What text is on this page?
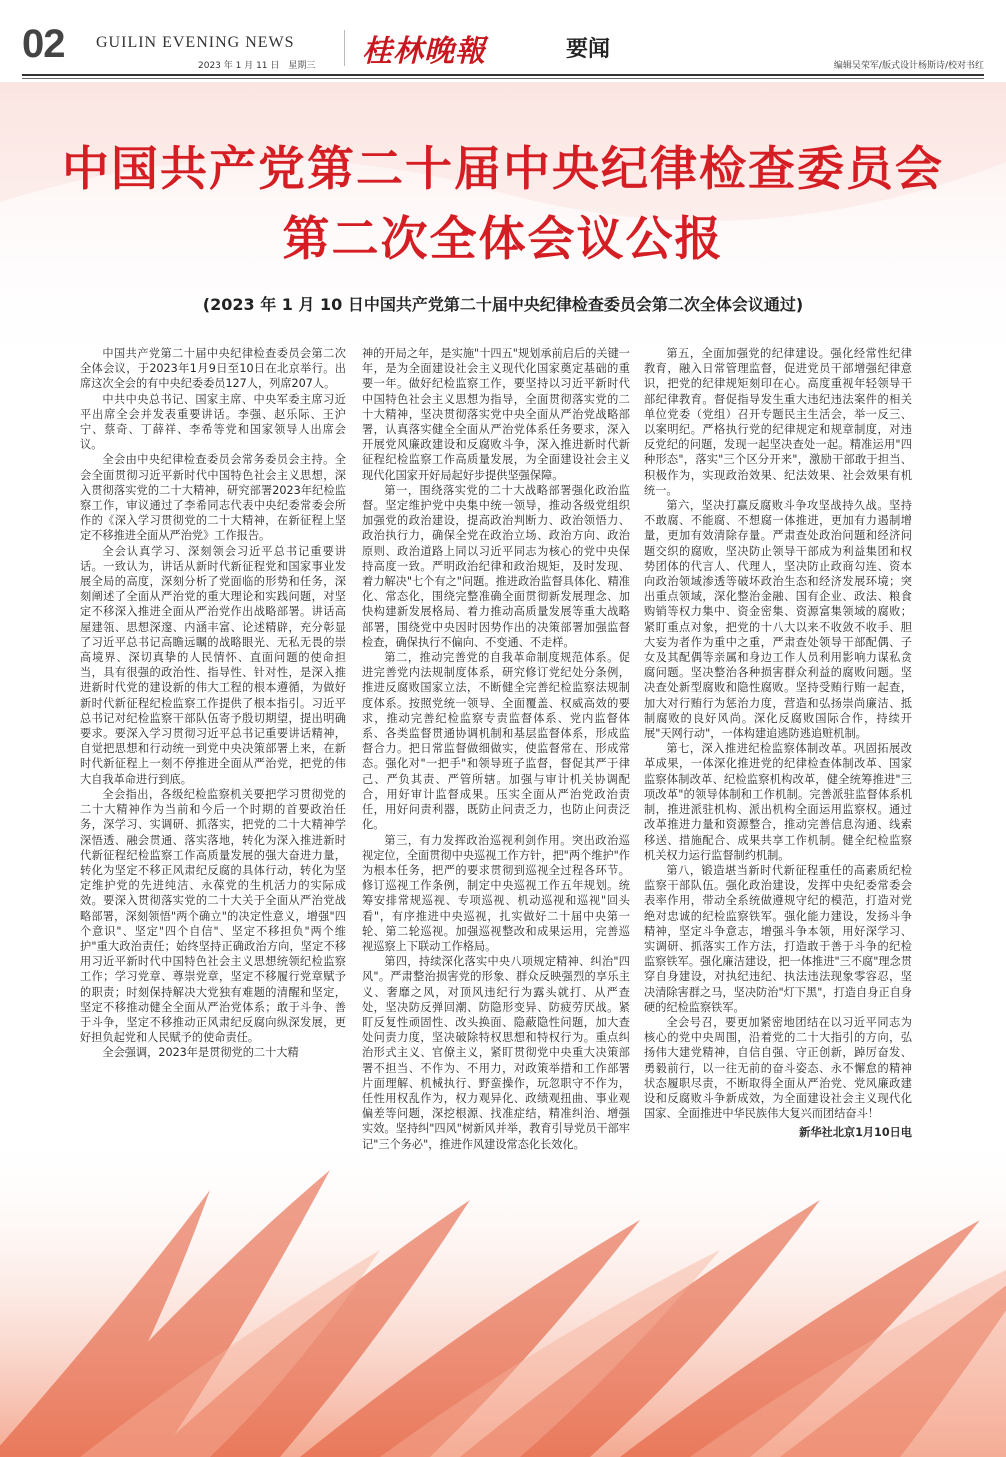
02 GUILIN EVENING NEWS
2023 年 1 月 11 日　星期三 桂林晚報	要闻
编辑吴荣军/版式设计杨斯诗/校对书红
中国共产党第二十届中央纪律检查委员会
第二次全体会议公报
(2023 年 1 月 10 日中国共产党第二十届中央纪律检查委员会第二次全体会议通过)

中国共产党第二十届中央纪律检查委员会第二次全体会议，于2023年1月9日至10日在北京举行。出席这次全会的有中央纪委委员127人，列席207人。

中共中央总书记、国家主席、中央军委主席习近平出席全会并发表重要讲话。李强、赵乐际、王沪宁、蔡奇、丁薛祥、李希等党和国家领导人出席会议。

全会由中央纪律检查委员会常务委员会主持。全会全面贯彻习近平新时代中国特色社会主义思想，深入贯彻落实党的二十大精神，研究部署2023年纪检监察工作，审议通过了李希同志代表中央纪委常委会所作的《深入学习贯彻党的二十大精神，在新征程上坚定不移推进全面从严治党》工作报告。

全会认真学习、深刻领会习近平总书记重要讲话。一致认为，讲话从新时代新征程党和国家事业发展全局的高度，深刻分析了党面临的形势和任务，深刻阐述了全面从严治党的重大理论和实践问题，对坚定不移深入推进全面从严治党作出战略部署。讲话高屋建瓴、思想深邃、内涵丰富、论述精辟，充分彰显了习近平总书记高瞻远瞩的战略眼光、无私无畏的崇高境界、深切真挚的人民情怀、直面问题的使命担当，具有很强的政治性、指导性、针对性，是深入推进新时代党的建设新的伟大工程的根本遵循，为做好新时代新征程纪检监察工作提供了根本指引。习近平总书记对纪检监察干部队伍寄予殷切期望，提出明确要求。要深入学习贯彻习近平总书记重要讲话精神，自觉把思想和行动统一到党中央决策部署上来，在新时代新征程上一刻不停推进全面从严治党，把党的伟大自我革命进行到底。

全会指出，各级纪检监察机关要把学习贯彻党的二十大精神作为当前和今后一个时期的首要政治任务，深学习、实调研、抓落实，把党的二十大精神学深悟透、融会贯通、落实落地，转化为深入推进新时代新征程纪检监察工作高质量发展的强大奋进力量，转化为坚定不移正风肃纪反腐的具体行动，转化为坚定维护党的先进纯洁、永葆党的生机活力的实际成效。要深入贯彻落实党的二十大关于全面从严治党战略部署，深刻领悟"两个确立"的决定性意义，增强"四个意识"、坚定"四个自信"、坚定不移担负"两个维护"重大政治责任；始终坚持正确政治方向，坚定不移用习近平新时代中国特色社会主义思想统领纪检监察工作；学习党章、尊崇党章，坚定不移履行党章赋予的职责；时刻保持解决大党独有难题的清醒和坚定，坚定不移推动健全全面从严治党体系；敢于斗争、善于斗争，坚定不移推动正风肃纪反腐向纵深发展，更好担负起党和人民赋予的使命责任。

全会强调，2023年是贯彻党的二十大精

神的开局之年，是实施"十四五"规划承前启后的关键一年，是为全面建设社会主义现代化国家奠定基础的重要一年。做好纪检监察工作，要坚持以习近平新时代中国特色社会主义思想为指导，全面贯彻落实党的二十大精神，坚决贯彻落实党中央全面从严治党战略部署，认真落实健全全面从严治党体系任务要求，深入开展党风廉政建设和反腐败斗争，深入推进新时代新征程纪检监察工作高质量发展，为全面建设社会主义现代化国家开好局起好步提供坚强保障。

第一，围绕落实党的二十大战略部署强化政治监督。坚定维护党中央集中统一领导，推动各级党组织加强党的政治建设，提高政治判断力、政治领悟力、政治执行力，确保全党在政治立场、政治方向、政治原则、政治道路上同以习近平同志为核心的党中央保持高度一致。严明政治纪律和政治规矩，及时发现、着力解决"七个有之"问题。推进政治监督具体化、精准化、常态化，围绕完整准确全面贯彻新发展理念、加快构建新发展格局、着力推动高质量发展等重大战略部署，围绕党中央因时因势作出的决策部署加强监督检查，确保执行不偏向、不变通、不走样。

第二，推动完善党的自我革命制度规范体系。促进完善党内法规制度体系，研究修订党纪处分条例，推进反腐败国家立法，不断健全完善纪检监察法规制度体系。按照党统一领导、全面覆盖、权威高效的要求，推动完善纪检监察专责监督体系、党内监督体系、各类监督贯通协调机制和基层监督体系，形成监督合力。把日常监督做细做实，使监督常在、形成常态。强化对"一把手"和领导班子监督，督促其严于律己、严负其责、严管所辖。加强与审计机关协调配合，用好审计监督成果。压实全面从严治党政治责任，用好问责利器，既防止问责乏力，也防止问责泛化。

第三，有力发挥政治巡视利剑作用。突出政治巡视定位，全面贯彻中央巡视工作方针，把"两个维护"作为根本任务，把严的要求贯彻到巡视全过程各环节。修订巡视工作条例，制定中央巡视工作五年规划。统筹安排常规巡视、专项巡视、机动巡视和巡视"回头看"，有序推进中央巡视，扎实做好二十届中央第一轮、第二轮巡视。加强巡视整改和成果运用，完善巡视巡察上下联动工作格局。

第四，持续深化落实中央八项规定精神、纠治"四风"。严肃整治损害党的形象、群众反映强烈的享乐主义、奢靡之风，对顶风违纪行为露头就打、从严查处，坚决防反弹回潮、防隐形变异、防疲劳厌战。紧盯反复性顽固性、改头换面、隐蔽隐性问题，加大查处问责力度，坚决破除特权思想和特权行为。重点纠治形式主义、官僚主义，紧盯贯彻党中央重大决策部署不担当、不作为、不用力，对政策举措和工作部署片面理解、机械执行、野蛮操作，玩忽职守不作为，任性用权乱作为，权力观异化、政绩观扭曲、事业观偏差等问题，深挖根源、找准症结，精准纠治、增强实效。坚持纠"四风"树新风并举，教育引导党员干部牢记"三个务必"，推进作风建设常态化长效化。

第五，全面加强党的纪律建设。强化经常性纪律教育，融入日常管理监督，促进党员干部增强纪律意识，把党的纪律规矩刻印在心。高度重视年轻领导干部纪律教育。督促指导发生重大违纪违法案件的相关单位党委（党组）召开专题民主生活会，举一反三、以案明纪。严格执行党的纪律规定和规章制度，对违反党纪的问题，发现一起坚决查处一起。精准运用"四种形态"，落实"三个区分开来"，激励干部敢于担当、积极作为，实现政治效果、纪法效果、社会效果有机统一。

第六，坚决打赢反腐败斗争攻坚战持久战。坚持不敢腐、不能腐、不想腐一体推进，更加有力遏制增量，更加有效清除存量。严肃查处政治问题和经济问题交织的腐败，坚决防止领导干部成为利益集团和权势团体的代言人、代理人，坚决防止政商勾连、资本向政治领域渗透等破坏政治生态和经济发展环境；突出重点领域，深化整治金融、国有企业、政法、粮食购销等权力集中、资金密集、资源富集领域的腐败；紧盯重点对象，把党的十八大以来不收敛不收手、胆大妄为者作为重中之重，严肃查处领导干部配偶、子女及其配偶等亲属和身边工作人员利用影响力谋私贪腐问题。坚决整治各种损害群众利益的腐败问题。坚决查处新型腐败和隐性腐败。坚持受贿行贿一起查，加大对行贿行为惩治力度，营造和弘扬崇尚廉洁、抵制腐败的良好风尚。深化反腐败国际合作，持续开展"天网行动"，一体构建追逃防逃追赃机制。

第七，深入推进纪检监察体制改革。巩固拓展改革成果，一体深化推进党的纪律检查体制改革、国家监察体制改革、纪检监察机构改革，健全统筹推进"三项改革"的领导体制和工作机制。完善派驻监督体系机制，推进派驻机构、派出机构全面运用监察权。通过改革推进力量和资源整合，推动完善信息沟通、线索移送、措施配合、成果共享工作机制。健全纪检监察机关权力运行监督制约机制。

第八，锻造堪当新时代新征程重任的高素质纪检监察干部队伍。强化政治建设，发挥中央纪委常委会表率作用，带动全系统做遵规守纪的模范，打造对党绝对忠诚的纪检监察铁军。强化能力建设，发扬斗争精神，坚定斗争意志，增强斗争本领，用好深学习、实调研、抓落实工作方法，打造敢于善于斗争的纪检监察铁军。强化廉洁建设，把一体推进"三不腐"理念贯穿自身建设，对执纪违纪、执法违法现象零容忍，坚决清除害群之马，坚决防治"灯下黑"，打造自身正自身硬的纪检监察铁军。

全会号召，要更加紧密地团结在以习近平同志为核心的党中央周围，沿着党的二十大指引的方向，弘扬伟大建党精神，自信自强、守正创新，踔厉奋发、勇毅前行，以一往无前的奋斗姿态、永不懈怠的精神状态履职尽责，不断取得全面从严治党、党风廉政建设和反腐败斗争新成效，为全面建设社会主义现代化国家、全面推进中华民族伟大复兴而团结奋斗！

新华社北京1月10日电
